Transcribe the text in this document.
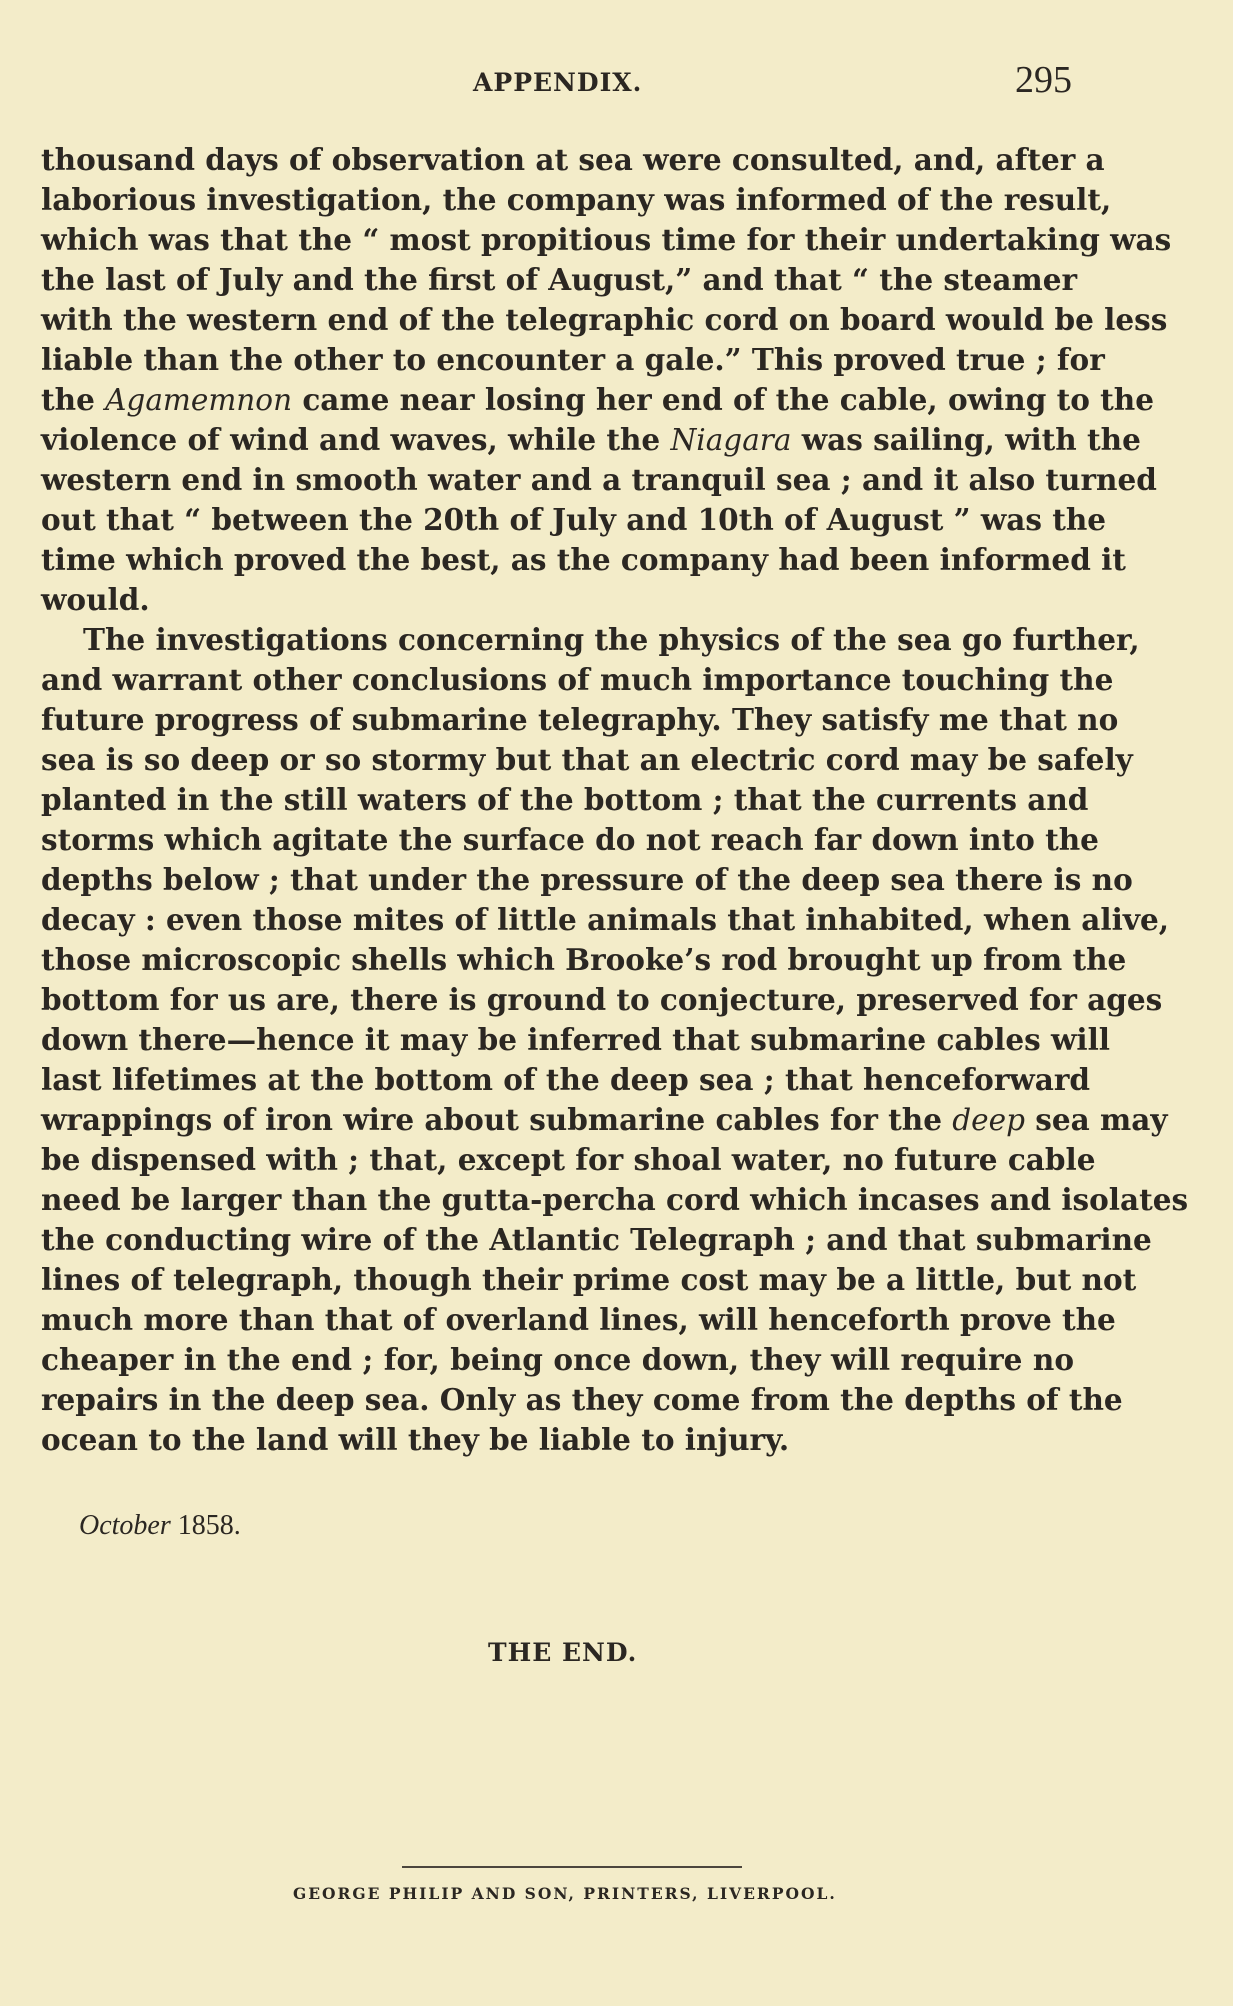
APPENDIX.	295
thousand days of observation at sea were consulted, and, after a
laborious investigation, the company was informed of the result,
which was that the “ most propitious time for their undertaking was
the last of July and the first of August,” and that “ the steamer
with the western end of the telegraphic cord on board would be less
liable than the other to encounter a gale.” This proved true ; for
the Agamemnon came near losing her end of the cable, owing to the
violence of wind and waves, while the Niagara was sailing, with the
western end in smooth water and a tranquil sea ; and it also turned
out that “ between the 20th of July and 10th of August ” was the
time which proved the best, as the company had been informed it
would.
The investigations concerning the physics of the sea go further,
and warrant other conclusions of much importance touching the
future progress of submarine telegraphy. They satisfy me that no
sea is so deep or so stormy but that an electric cord may be safely
planted in the still waters of the bottom ; that the currents and
storms which agitate the surface do not reach far down into the
depths below ; that under the pressure of the deep sea there is no
decay : even those mites of little animals that inhabited, when alive,
those microscopic shells which Brooke’s rod brought up from the
bottom for us are, there is ground to conjecture, preserved for ages
down there—hence it may be inferred that submarine cables will
last lifetimes at the bottom of the deep sea ; that henceforward
wrappings of iron wire about submarine cables for the deep sea may
be dispensed with ; that, except for shoal water, no future cable
need be larger than the gutta-percha cord which incases and isolates
the conducting wire of the Atlantic Telegraph ; and that submarine
lines of telegraph, though their prime cost may be a little, but not
much more than that of overland lines, will henceforth prove the
cheaper in the end ; for, being once down, they will require no
repairs in the deep sea. Only as they come from the depths of the
ocean to the land will they be liable to injury.
October 1858.
THE END.
GEORGE PHILIP AND SON, PRINTERS, LIVERPOOL.
